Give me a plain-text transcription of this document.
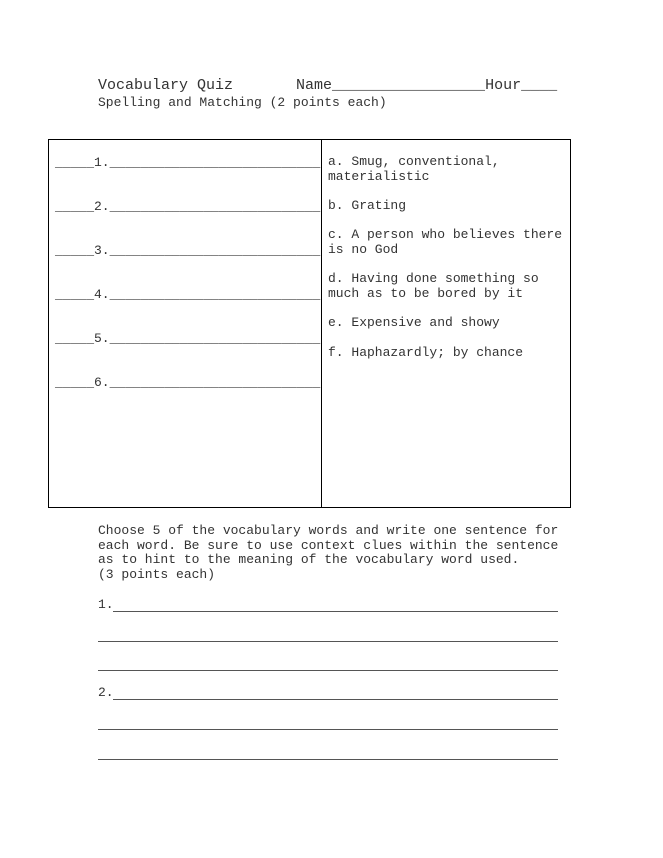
Vocabulary Quiz       Name_________________Hour____
Spelling and Matching (2 points each)
_____1.___________________________
_____2.___________________________
_____3.___________________________
_____4.___________________________
_____5.___________________________
_____6.___________________________
a. Smug, conventional, materialistic
b. Grating
c. A person who believes there is no God
d. Having done something so much as to be bored by it
e. Expensive and showy
f. Haphazardly; by chance
Choose 5 of the vocabulary words and write one sentence for
each word. Be sure to use context clues within the sentence
as to hint to the meaning of the vocabulary word used.
(3 points each)
1.
2.
